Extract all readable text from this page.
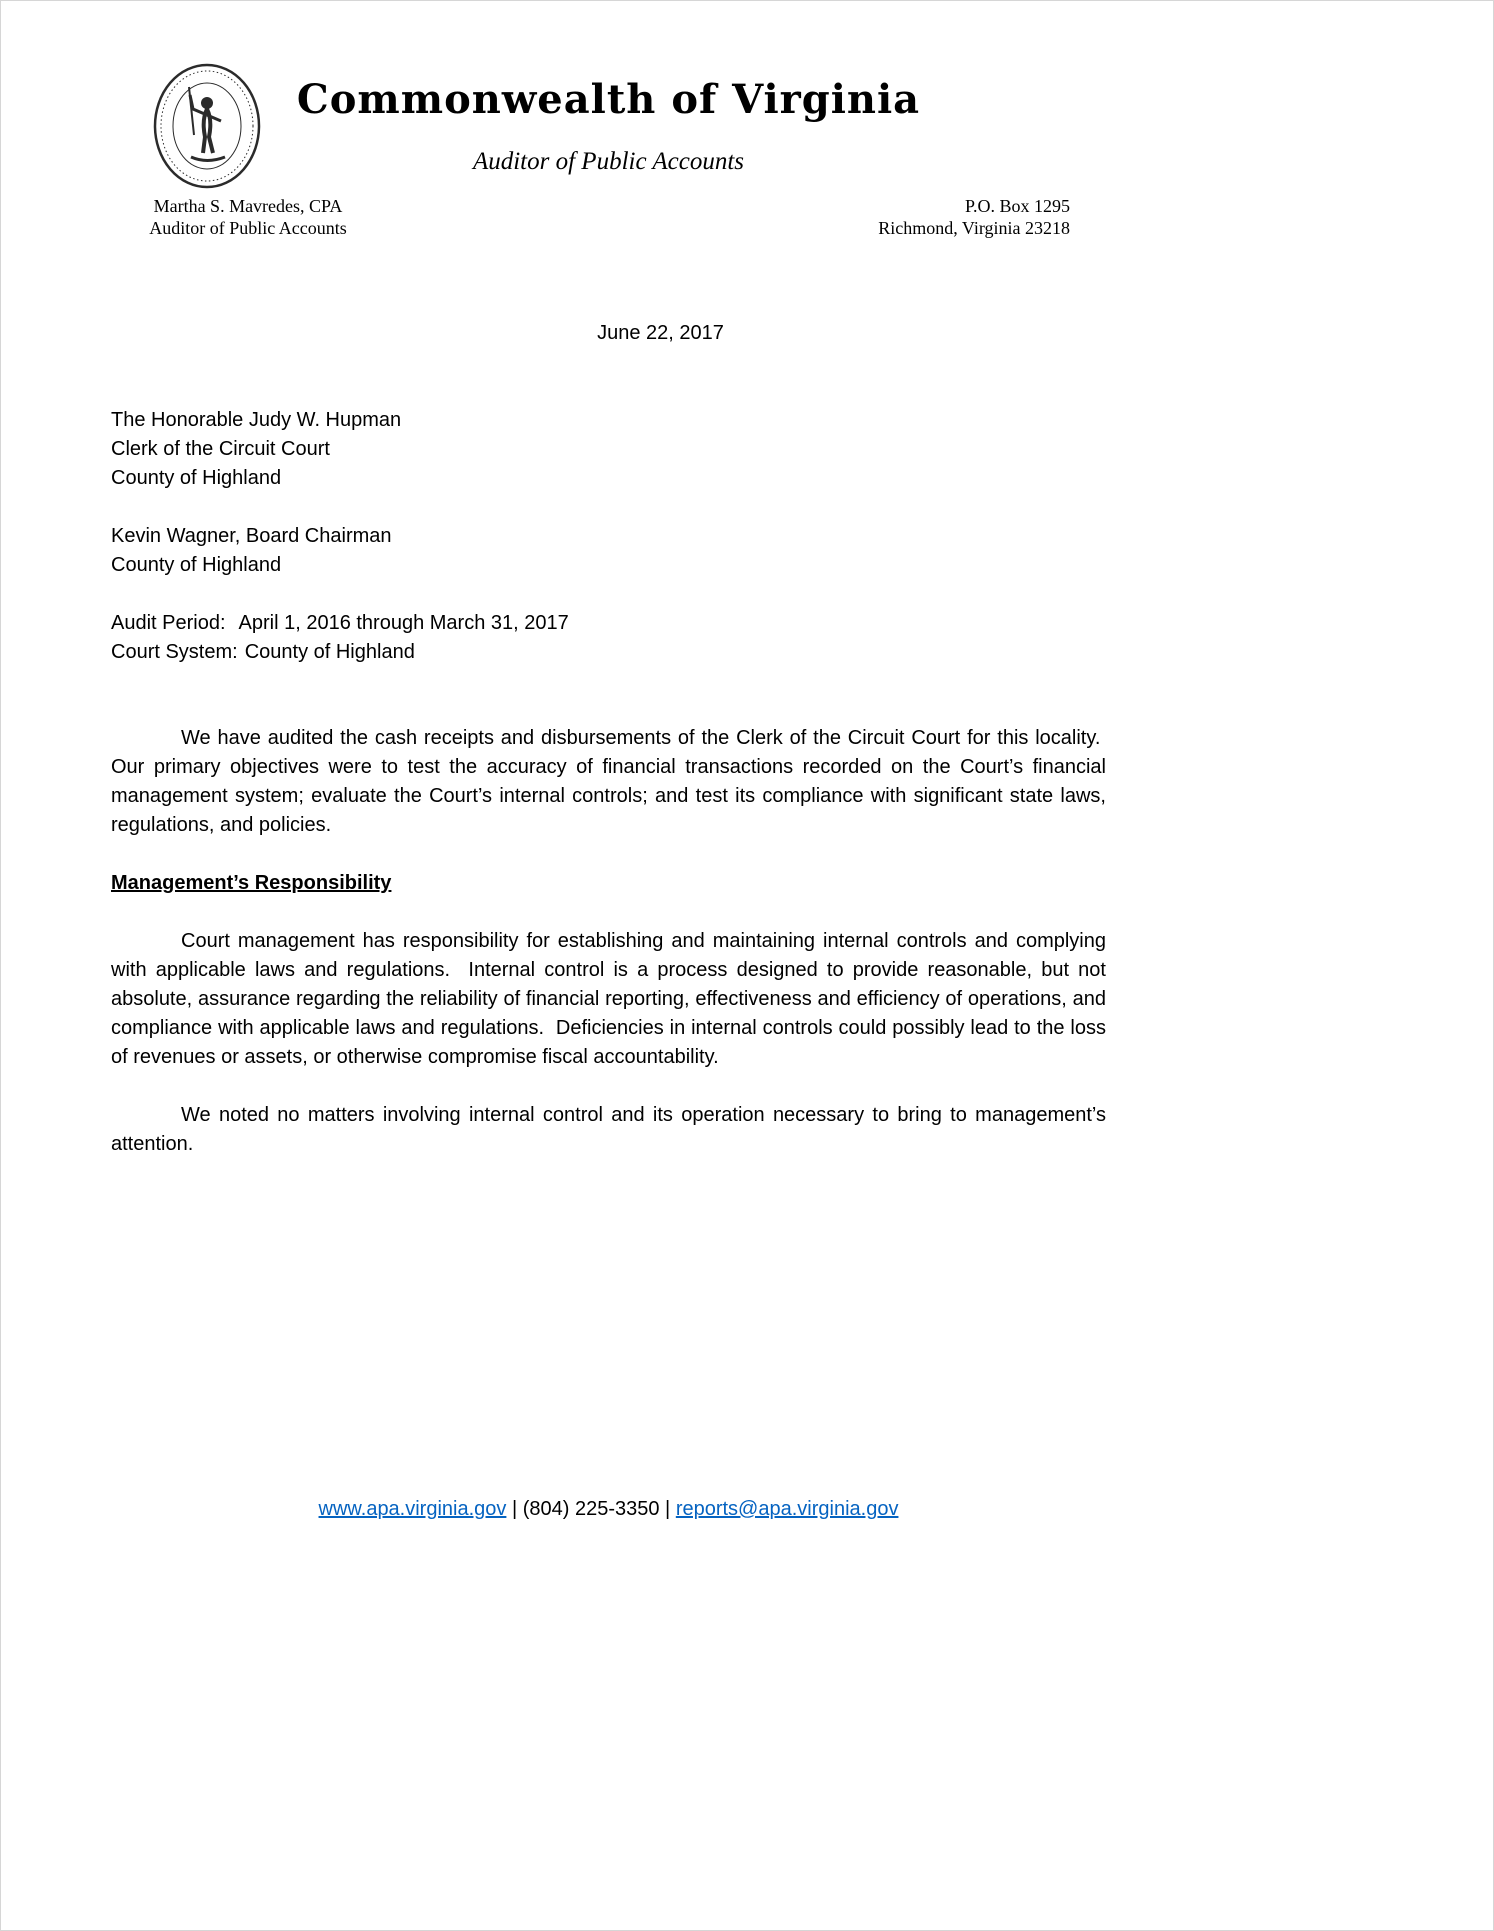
Commonwealth of Virginia
Auditor of Public Accounts
Martha S. Mavredes, CPA
Auditor of Public Accounts
P.O. Box 1295
Richmond, Virginia 23218
June 22, 2017
The Honorable Judy W. Hupman
Clerk of the Circuit Court
County of Highland
Kevin Wagner, Board Chairman
County of Highland
Audit Period: April 1, 2016 through March 31, 2017
Court System: County of Highland

We have audited the cash receipts and disbursements of the Clerk of the Circuit Court for this locality.  Our primary objectives were to test the accuracy of financial transactions recorded on the Court’s financial management system; evaluate the Court’s internal controls; and test its compliance with significant state laws, regulations, and policies.

Management’s Responsibility

Court management has responsibility for establishing and maintaining internal controls and complying with applicable laws and regulations.  Internal control is a process designed to provide reasonable, but not absolute, assurance regarding the reliability of financial reporting, effectiveness and efficiency of operations, and compliance with applicable laws and regulations.  Deficiencies in internal controls could possibly lead to the loss of revenues or assets, or otherwise compromise fiscal accountability.

We noted no matters involving internal control and its operation necessary to bring to management’s attention.

www.apa.virginia.gov | (804) 225-3350 | reports@apa.virginia.gov
